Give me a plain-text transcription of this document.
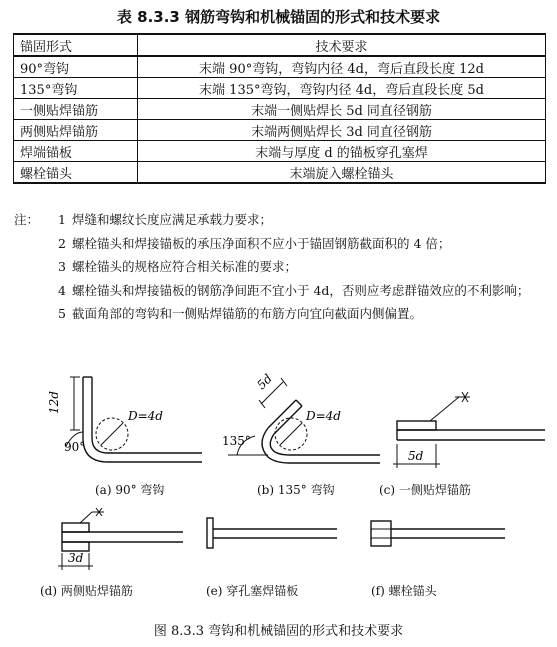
表 8.3.3 钢筋弯钩和机械锚固的形式和技术要求
锚固形式	技术要求
90°弯钩	末端 90°弯钩，弯钩内径 4d，弯后直段长度 12d
135°弯钩	末端 135°弯钩，弯钩内径 4d，弯后直段长度 5d
一侧贴焊锚筋	末端一侧贴焊长 5d 同直径钢筋
两侧贴焊锚筋	末端两侧贴焊长 3d 同直径钢筋
焊端锚板	末端与厚度 d 的锚板穿孔塞焊
螺栓锚头	末端旋入螺栓锚头
注： 1 焊缝和螺纹长度应满足承载力要求；
2 螺栓锚头和焊接锚板的承压净面积不应小于锚固钢筋截面积的 4 倍；
3 螺栓锚头的规格应符合相关标准的要求；
4 螺栓锚头和焊接锚板的钢筋净间距不宜小于 4d，否则应考虑群锚效应的不利影响；
5 截面角部的弯钩和一侧贴焊锚筋的布筋方向宜向截面内侧偏置。
12d
D=4d
90°
5d
D=4d
135°
5d
3d
(a) 90° 弯钩	(b) 135° 弯钩	(c) 一侧贴焊锚筋
(d) 两侧贴焊锚筋	(e) 穿孔塞焊锚板	(f) 螺栓锚头
图 8.3.3 弯钩和机械锚固的形式和技术要求
